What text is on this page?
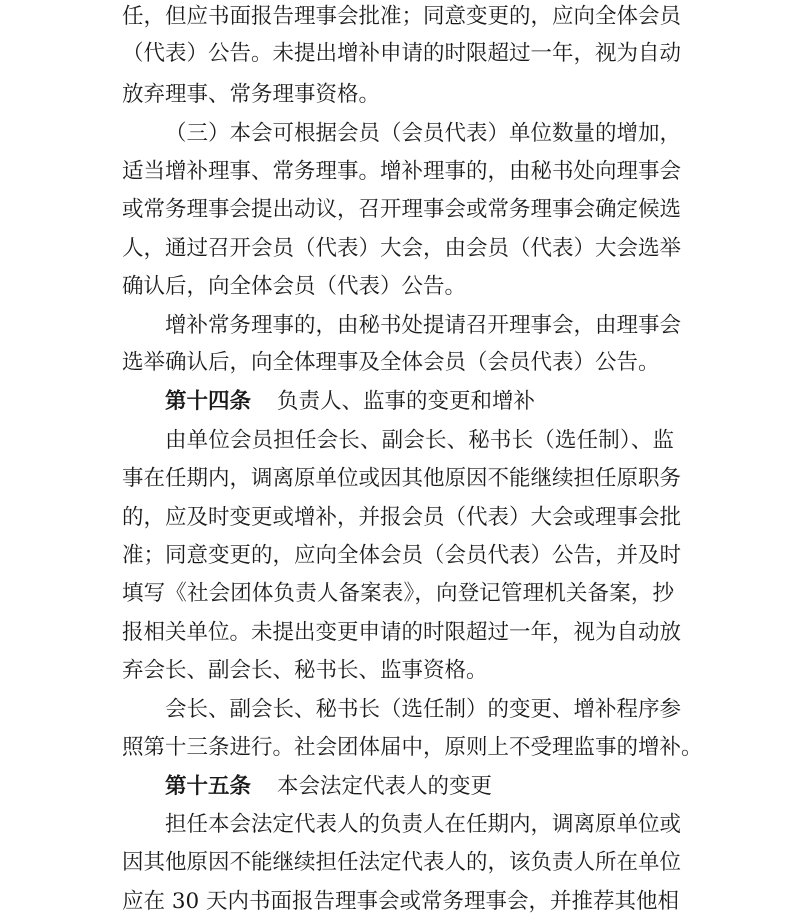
任，但应书面报告理事会批准；同意变更的，应向全体会员
（代表）公告。未提出增补申请的时限超过一年，视为自动
放弃理事、常务理事资格。
（三）本会可根据会员（会员代表）单位数量的增加，
适当增补理事、常务理事。增补理事的，由秘书处向理事会
或常务理事会提出动议，召开理事会或常务理事会确定候选
人，通过召开会员（代表）大会，由会员（代表）大会选举
确认后，向全体会员（代表）公告。
增补常务理事的，由秘书处提请召开理事会，由理事会
选举确认后，向全体理事及全体会员（会员代表）公告。
第十四条 负责人、监事的变更和增补
由单位会员担任会长、副会长、秘书长（选任制）、监
事在任期内，调离原单位或因其他原因不能继续担任原职务
的，应及时变更或增补，并报会员（代表）大会或理事会批
准；同意变更的，应向全体会员（会员代表）公告，并及时
填写《社会团体负责人备案表》，向登记管理机关备案，抄
报相关单位。未提出变更申请的时限超过一年，视为自动放
弃会长、副会长、秘书长、监事资格。
会长、副会长、秘书长（选任制）的变更、增补程序参
照第十三条进行。社会团体届中，原则上不受理监事的增补。
第十五条 本会法定代表人的变更
担任本会法定代表人的负责人在任期内，调离原单位或
因其他原因不能继续担任法定代表人的，该负责人所在单位
应在 30 天内书面报告理事会或常务理事会，并推荐其他相
